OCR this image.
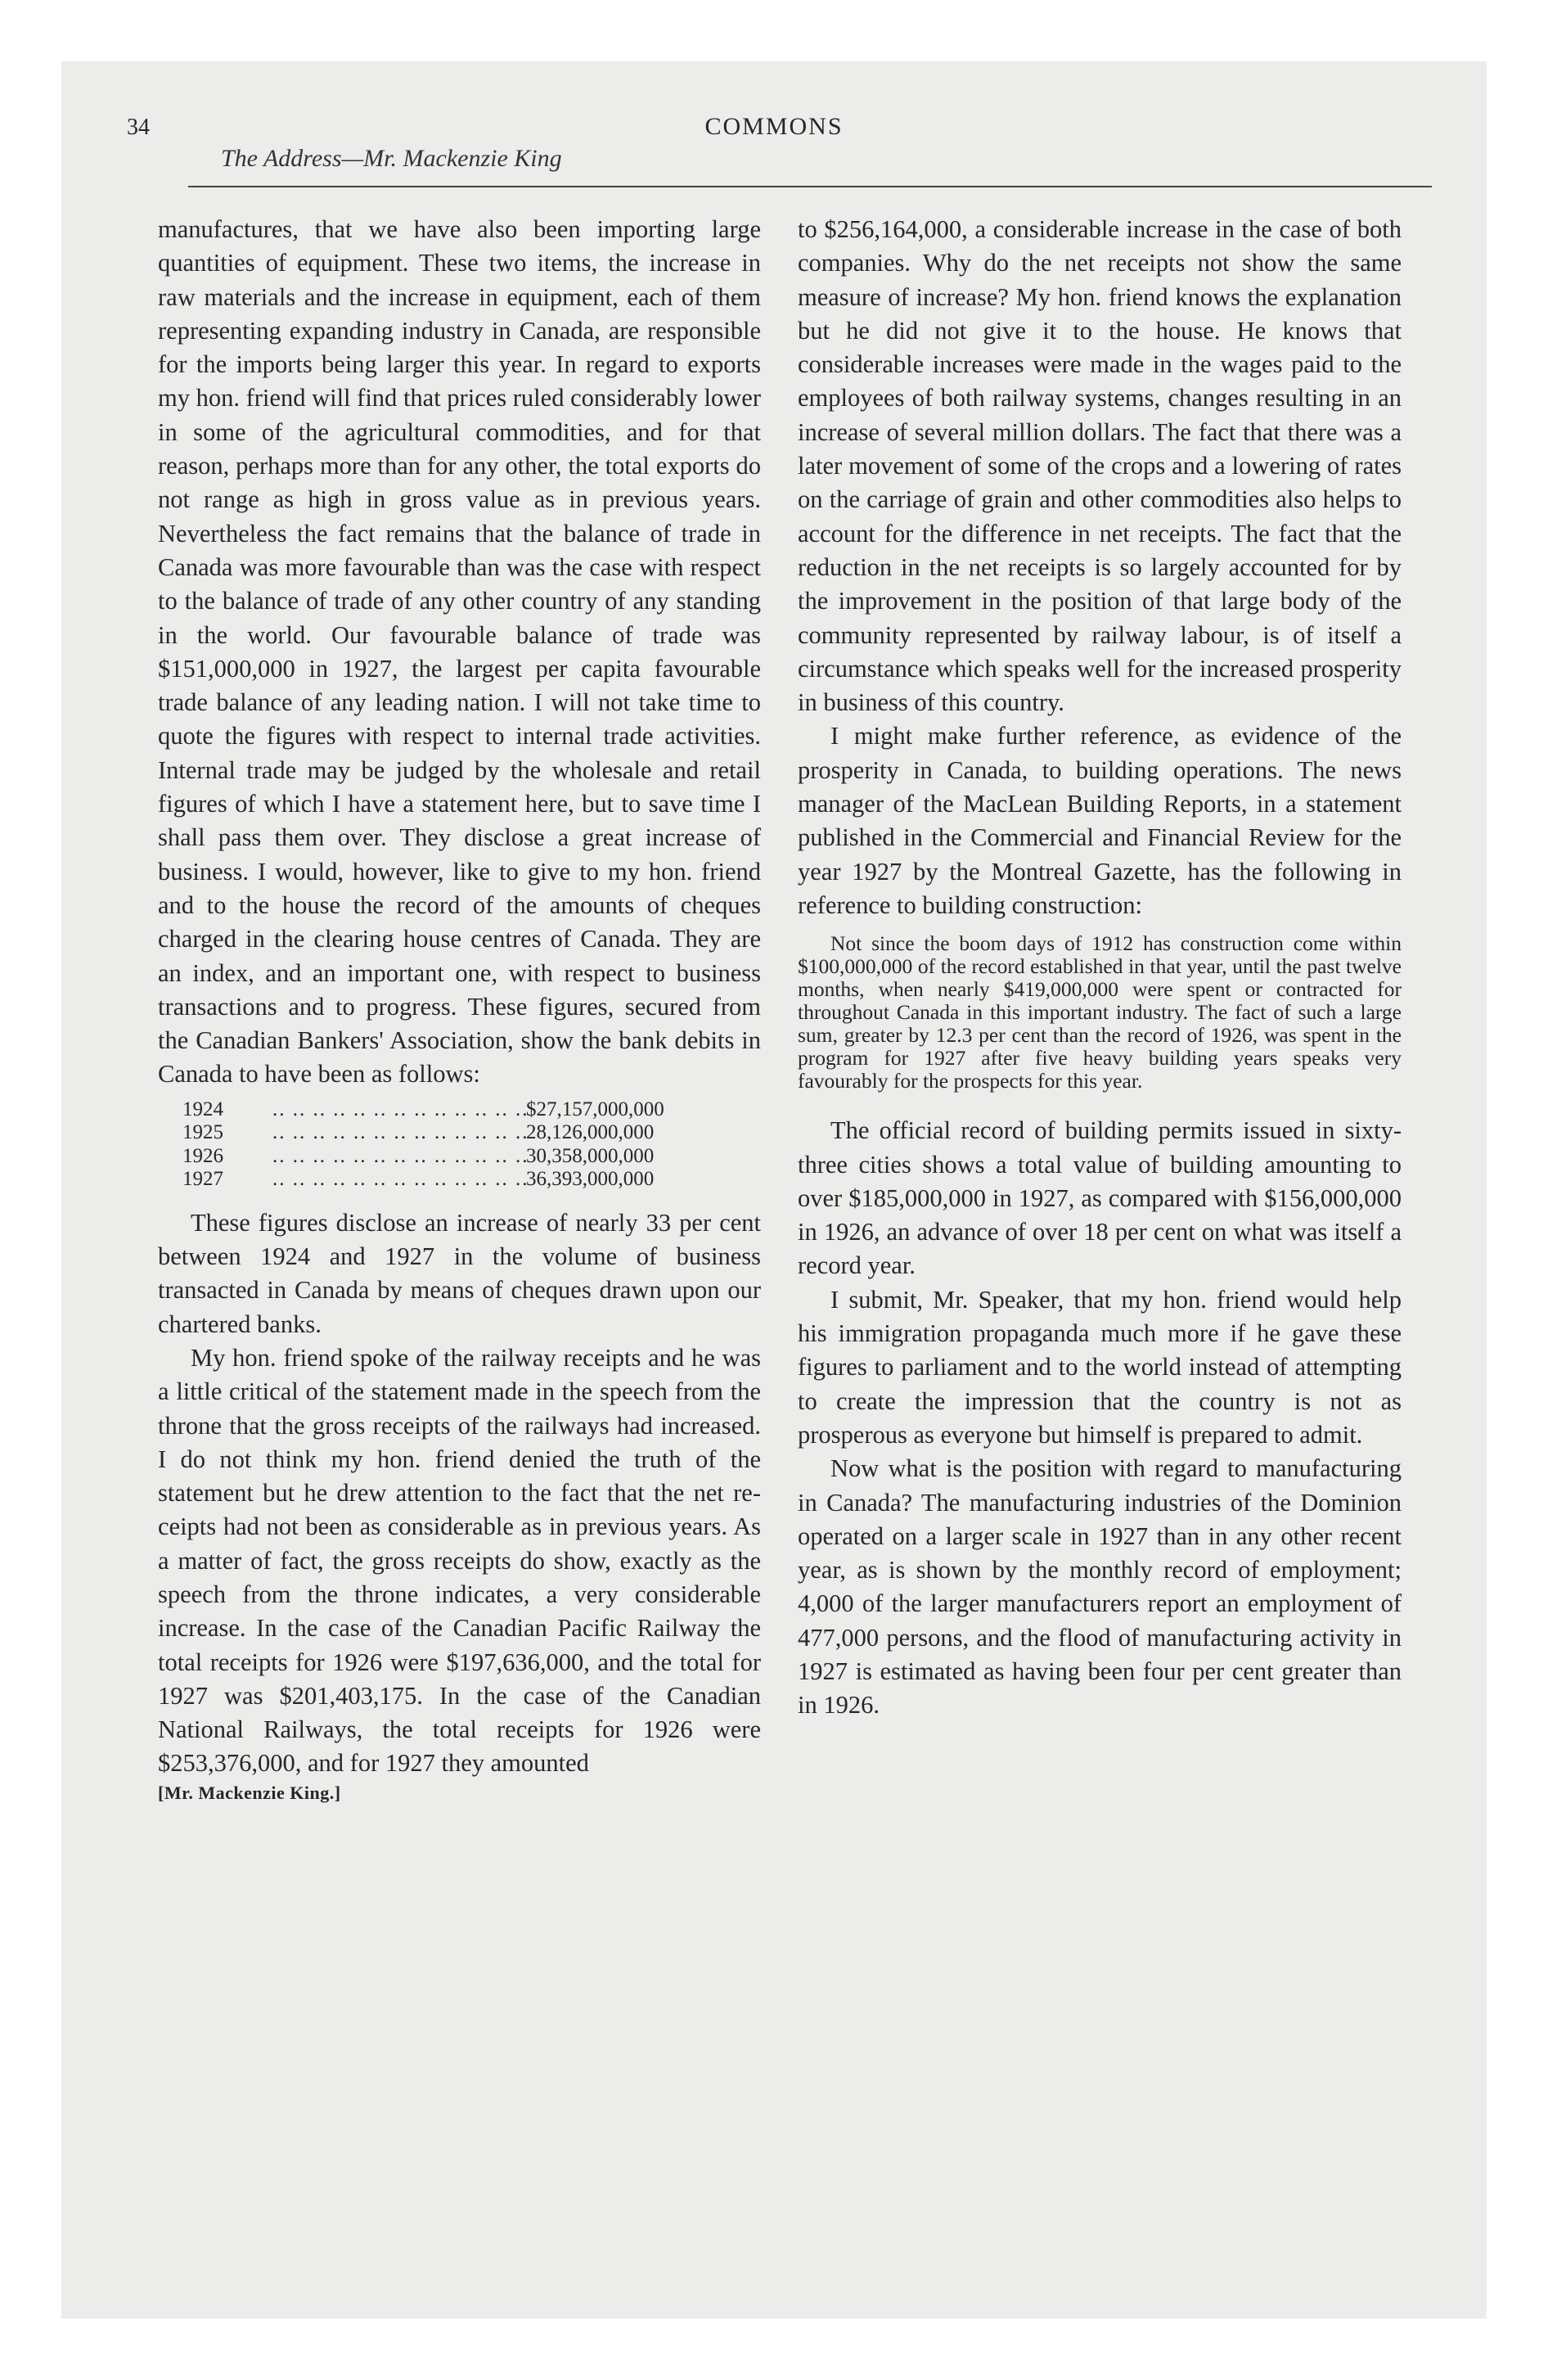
34	COMMONS

The Address—Mr. Mackenzie King

manufactures, that we have also been importing large quantities of equipment. These two items, the increase in raw materials and the increase in equipment, each of them representing expanding industry in Canada, are responsible for the imports being larger this year. In regard to exports my hon. friend will find that prices ruled considerably lower in some of the agricultural commodities, and for that reason, perhaps more than for any other, the total exports do not range as high in gross value as in previous years. Nevertheless the fact remains that the balance of trade in Canada was more favourable than was the case with respect to the balance of trade of any other country of any standing in the world. Our favourable balance of trade was $151,000,000 in 1927, the largest per capita favourable trade balance of any leading nation. I will not take time to quote the figures with respect to internal trade activities. Internal trade may be judged by the wholesale and retail figures of which I have a statement here, but to save time I shall pass them over. They disclose a great increase of business. I would, however, like to give to my hon. friend and to the house the record of the amounts of cheques charged in the clearing house centres of Canada. They are an index, and an important one, with respect to business transactions and to progress. These figures, secured from the Canadian Bankers' Association, show the bank debits in Canada to have been as follows:

1924 .. ..	$27,157,000,000
1925 .. ..	28,126,000,000
1926 .. ..	30,358,000,000
1927 .. ..	36,393,000,000

These figures disclose an increase of nearly 33 per cent between 1924 and 1927 in the volume of business transacted in Canada by means of cheques drawn upon our chartered banks.

My hon. friend spoke of the railway receipts and he was a little critical of the statement made in the speech from the throne that the gross receipts of the railways had increased. I do not think my hon. friend denied the truth of the statement but he drew attention to the fact that the net receipts had not been as considerable as in previous years. As a matter of fact, the gross receipts do show, exactly as the speech from the throne indicates, a very considerable increase. In the case of the Canadian Pacific Railway the total receipts for 1926 were $197,636,000, and the total for 1927 was $201,403,175. In the case of the Canadian National Railways, the total receipts for 1926 were $253,376,000, and for 1927 they amounted

[Mr. Mackenzie King.]

to $256,164,000, a considerable increase in the case of both companies. Why do the net receipts not show the same measure of increase? My hon. friend knows the explanation but he did not give it to the house. He knows that considerable increases were made in the wages paid to the employees of both railway systems, changes resulting in an increase of several million dollars. The fact that there was a later movement of some of the crops and a lowering of rates on the carriage of grain and other commodities also helps to account for the difference in net receipts. The fact that the reduction in the net receipts is so largely accounted for by the improvement in the position of that large body of the community represented by railway labour, is of itself a circumstance which speaks well for the increased prosperity in business of this country.

I might make further reference, as evidence of the prosperity in Canada, to building operations. The news manager of the MacLean Building Reports, in a statement published in the Commercial and Financial Review for the year 1927 by the Montreal Gazette, has the following in reference to building construction:

Not since the boom days of 1912 has construction come within $100,000,000 of the record established in that year, until the past twelve months, when nearly $419,000,000 were spent or contracted for throughout Canada in this important industry. The fact of such a large sum, greater by 12.3 per cent than the record of 1926, was spent in the program for 1927 after five heavy building years speaks very favourably for the prospects for this year.

The official record of building permits issued in sixty-three cities shows a total value of building amounting to over $185,000,000 in 1927, as compared with $156,000,000 in 1926, an advance of over 18 per cent on what was itself a record year.

I submit, Mr. Speaker, that my hon. friend would help his immigration propaganda much more if he gave these figures to parliament and to the world instead of attempting to create the impression that the country is not as prosperous as everyone but himself is prepared to admit.

Now what is the position with regard to manufacturing in Canada? The manufacturing industries of the Dominion operated on a larger scale in 1927 than in any other recent year, as is shown by the monthly record of employment; 4,000 of the larger manufacturers report an employment of 477,000 persons, and the flood of manufacturing activity in 1927 is estimated as having been four per cent greater than in 1926.
